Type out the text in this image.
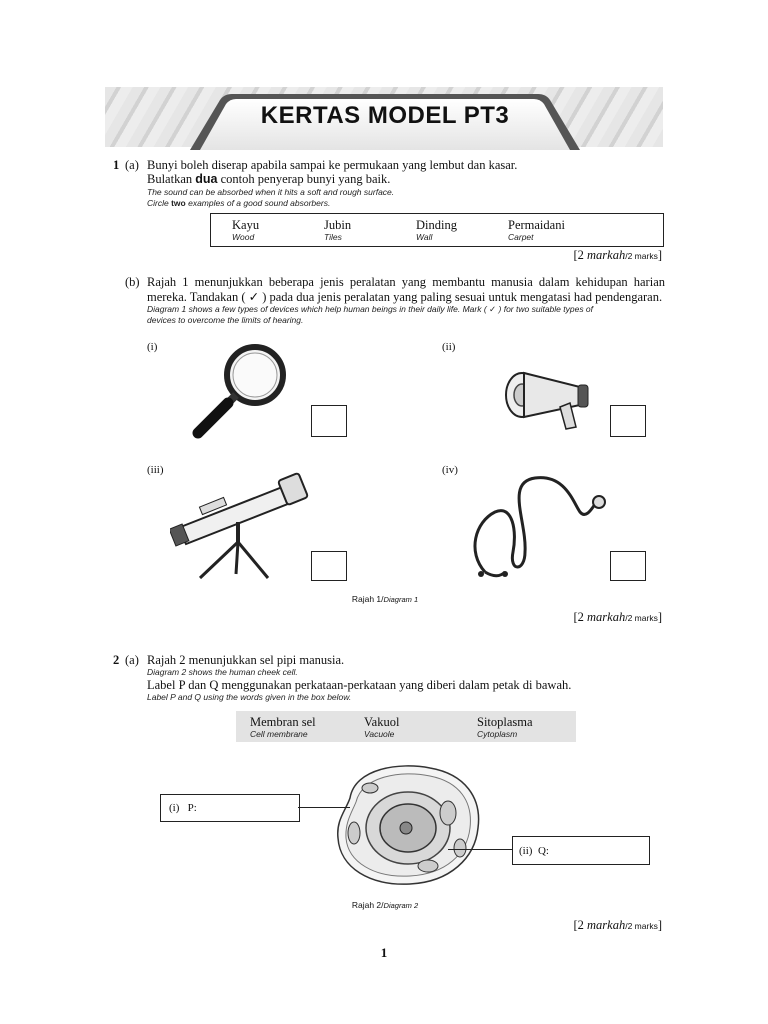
KERTAS MODEL PT3
1 (a) Bunyi boleh diserap apabila sampai ke permukaan yang lembut dan kasar.
Bulatkan dua contoh penyerap bunyi yang baik.
The sound can be absorbed when it hits a soft and rough surface.
Circle two examples of a good sound absorbers.
Kayu
Wood
Jubin
Tiles
Dinding
Wall
Permaidani
Carpet
[2 markah/2 marks]
(b) Rajah 1 menunjukkan beberapa jenis peralatan yang membantu manusia dalam kehidupan harian
mereka. Tandakan ( ✓ ) pada dua jenis peralatan yang paling sesuai untuk mengatasi had pendengaran.
Diagram 1 shows a few types of devices which help human beings in their daily life. Mark ( ✓ ) for two suitable types of
devices to overcome the limits of hearing.
(i)	(ii)
(iii)	(iv)
Rajah 1/Diagram 1
[2 markah/2 marks]
2 (a) Rajah 2 menunjukkan sel pipi manusia.
Diagram 2 shows the human cheek cell.
Label P dan Q menggunakan perkataan-perkataan yang diberi dalam petak di bawah.
Label P and Q using the words given in the box below.
Membran sel
Cell membrane
Vakuol
Vacuole
Sitoplasma
Cytoplasm
(i)   P:
(ii)  Q:
Rajah 2/Diagram 2
[2 markah/2 marks]
1
